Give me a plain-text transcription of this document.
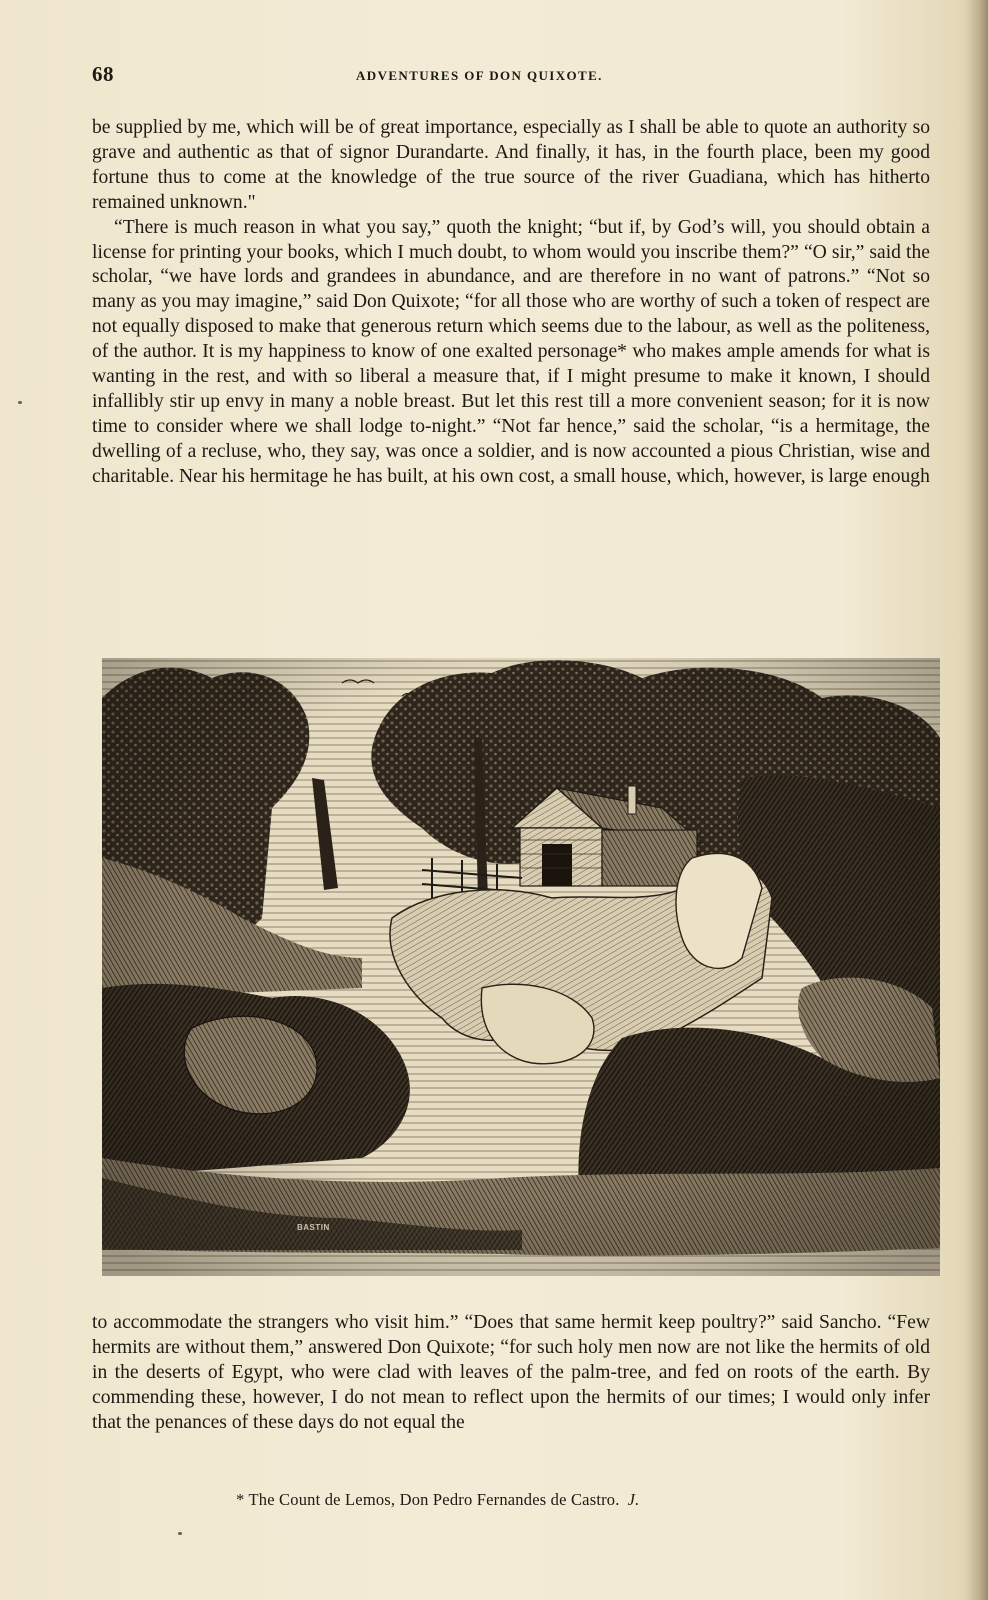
68	ADVENTURES OF DON QUIXOTE.

be supplied by me, which will be of great importance, especially as I shall be able to quote an authority so grave and authentic as that of signor Durandarte. And finally, it has, in the fourth place, been my good fortune thus to come at the knowledge of the true source of the river Guadiana, which has hitherto remained unknown."

“There is much reason in what you say,” quoth the knight; “but if, by God’s will, you should obtain a license for printing your books, which I much doubt, to whom would you inscribe them?” “O sir,” said the scholar, “we have lords and grandees in abundance, and are therefore in no want of patrons.” “Not so many as you may imagine,” said Don Quixote; “for all those who are worthy of such a token of respect are not equally disposed to make that generous return which seems due to the labour, as well as the politeness, of the author. It is my happiness to know of one exalted personage* who makes ample amends for what is wanting in the rest, and with so liberal a measure that, if I might presume to make it known, I should infallibly stir up envy in many a noble breast. But let this rest till a more convenient season; for it is now time to consider where we shall lodge to-night.” “Not far hence,” said the scholar, “is a hermitage, the dwelling of a recluse, who, they say, was once a soldier, and is now accounted a pious Christian, wise and charitable. Near his hermitage he has built, at his own cost, a small house, which, however, is large enough

to accommodate the strangers who visit him.” “Does that same hermit keep poultry?” said Sancho. “Few hermits are without them,” answered Don Quixote; “for such holy men now are not like the hermits of old in the deserts of Egypt, who were clad with leaves of the palm-tree, and fed on roots of the earth. By commending these, however, I do not mean to reflect upon the hermits of our times; I would only infer that the penances of these days do not equal the

* The Count de Lemos, Don Pedro Fernandes de Castro. J.
